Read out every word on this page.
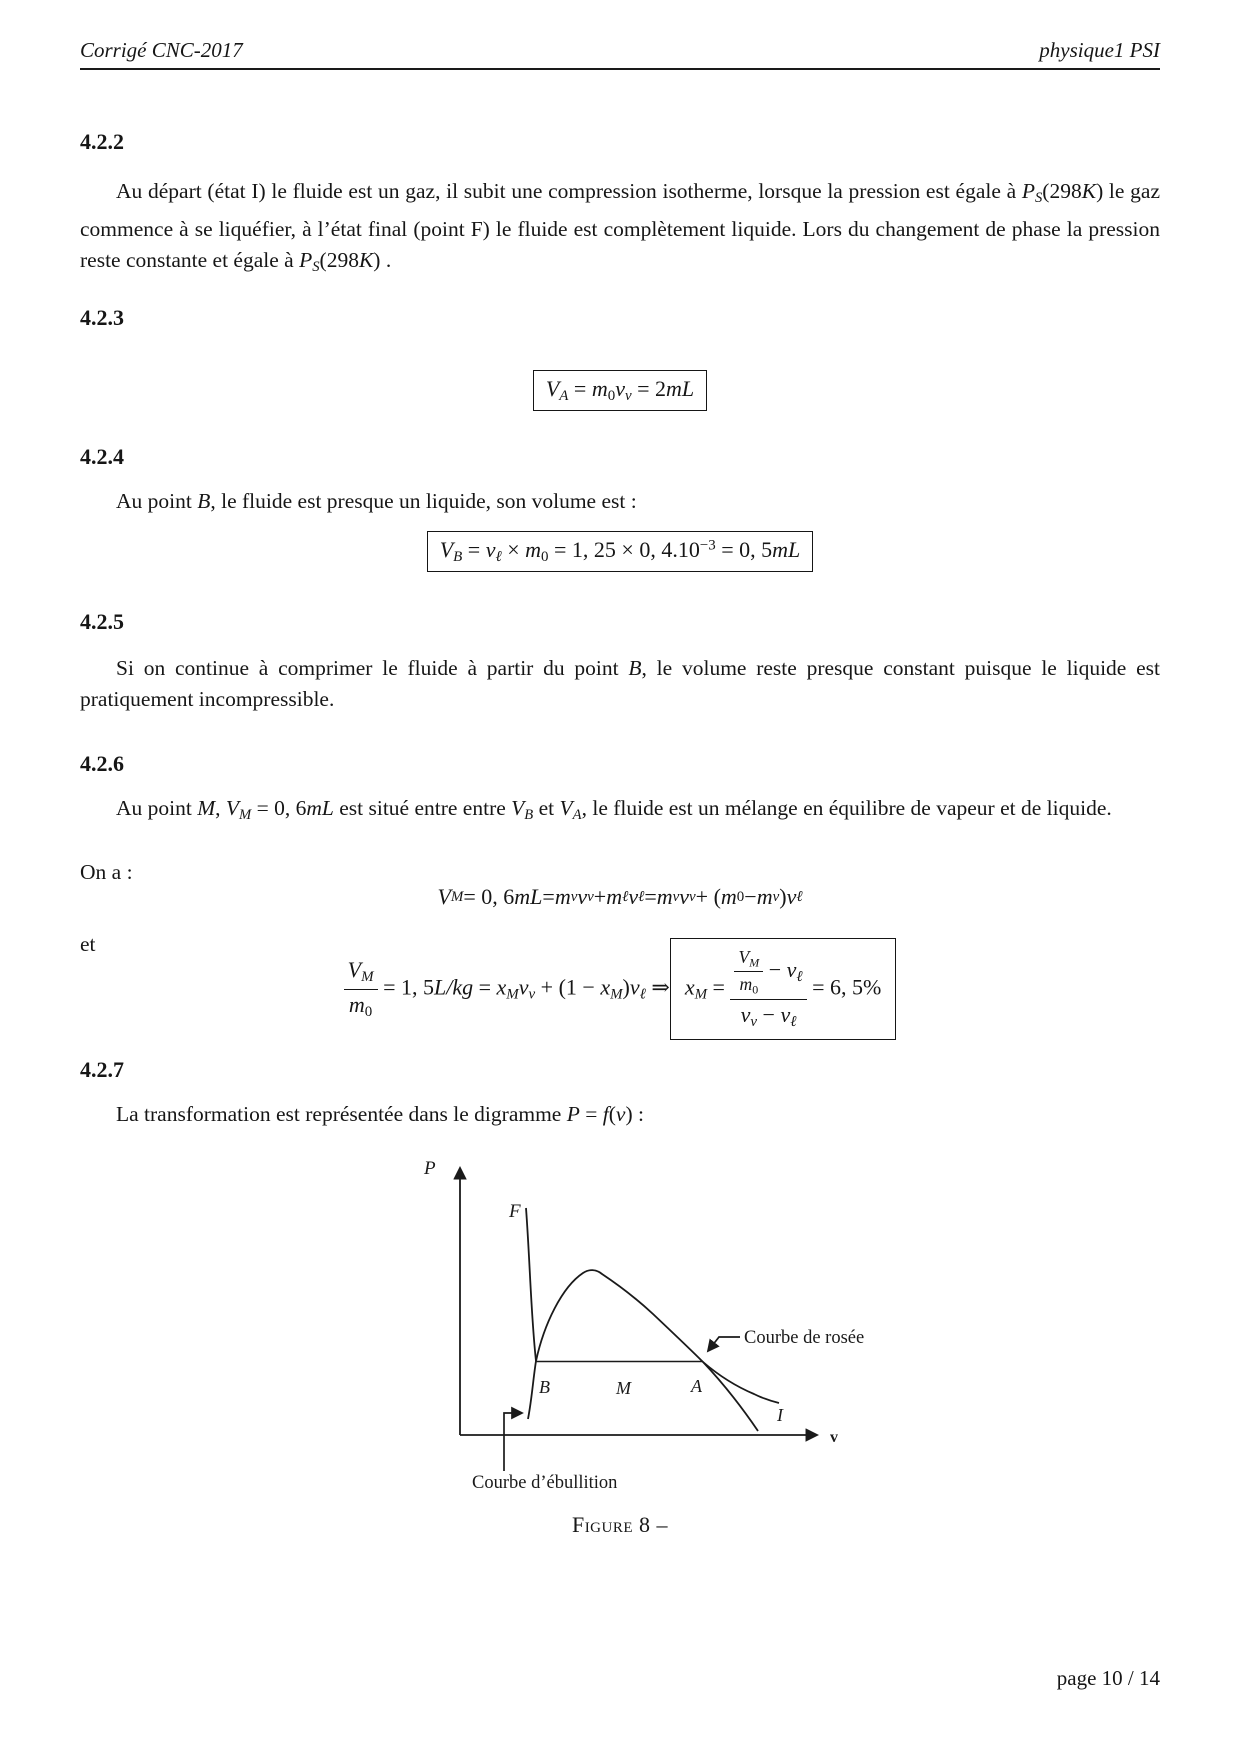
Corrigé CNC-2017	physique1 PSI
4.2.2
Au départ (état I) le fluide est un gaz, il subit une compression isotherme, lorsque la pression est égale à PS(298K) le gaz commence à se liquéfier, à l’état final (point F) le fluide est complètement liquide. Lors du changement de phase la pression reste constante et égale à PS(298K) .
4.2.3
VA = m0νv = 2mL
4.2.4
Au point B, le fluide est presque un liquide, son volume est :
VB = νℓ × m0 = 1, 25 × 0, $4.10^{-3} = 0$, 5mL
4.2.5
Si on continue à comprimer le fluide à partir du point B, le volume reste presque constant puisque le liquide est pratiquement incompressible.
4.2.6
Au point M, VM = 0, 6mL est situé entre entre VB et VA, le fluide est un mélange en équilibre de vapeur et de liquide.
On a :
V M = 0, 6 mL = m v ν v + m ℓ ν ℓ = m v ν v + ( m 0 − m v ) ν ℓ
et
$\frac{VM}{m0} = 1$, 5L/kg = xMνv + (1 − xM)νℓ ⇒ xM = $\frac{VM}{m0}$ − νℓ
νv − νℓ
= 6, 5%
4.2.7
La transformation est représentée dans le digramme P = f(ν) :
P
v
F
B	M	A
I
Courbe de rosée
Courbe d’ébullition
Figure 8 –
page 10 / 14
